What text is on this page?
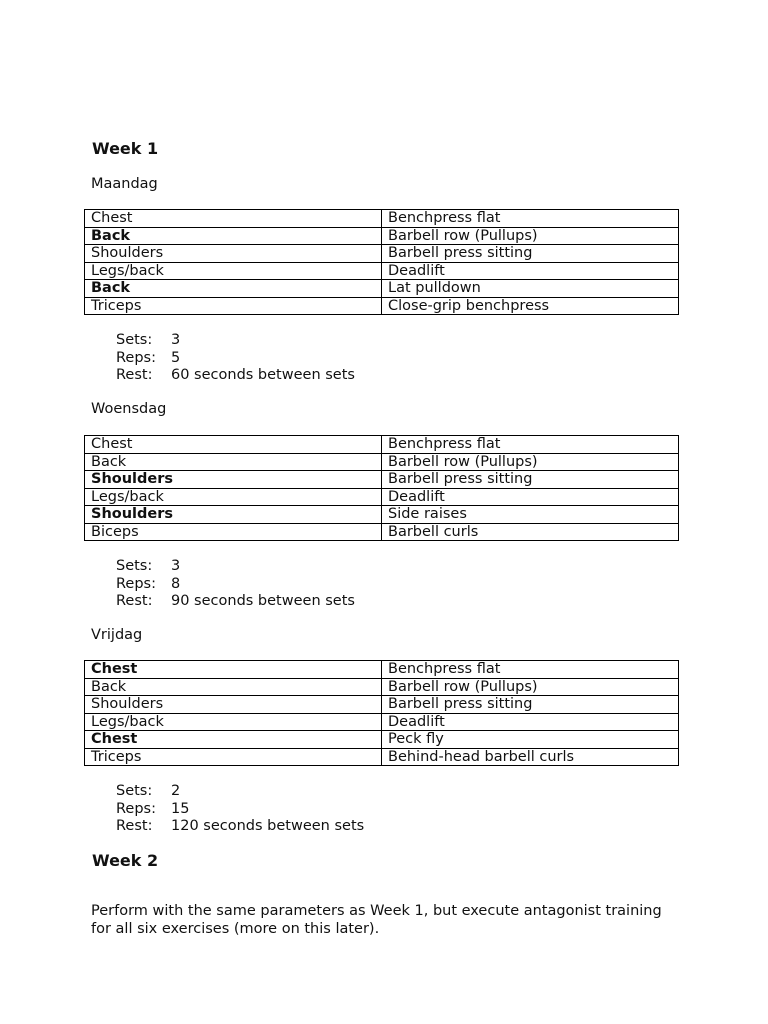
Week 1

Maandag

Chest	Benchpress flat
Back	Barbell row (Pullups)
Shoulders	Barbell press sitting
Legs/back	Deadlift
Back	Lat pulldown
Triceps	Close-grip benchpress
Sets:	3
Reps:	5
Rest:	60 seconds between sets

Woensdag

Chest	Benchpress flat
Back	Barbell row (Pullups)
Shoulders	Barbell press sitting
Legs/back	Deadlift
Shoulders	Side raises
Biceps	Barbell curls
Sets:	3
Reps:	8
Rest:	90 seconds between sets

Vrijdag

Chest	Benchpress flat
Back	Barbell row (Pullups)
Shoulders	Barbell press sitting
Legs/back	Deadlift
Chest	Peck fly
Triceps	Behind-head barbell curls
Sets:	2
Reps:	15
Rest:	120 seconds between sets
Week 2

Perform with the same parameters as Week 1, but execute antagonist training for all six exercises (more on this later).
